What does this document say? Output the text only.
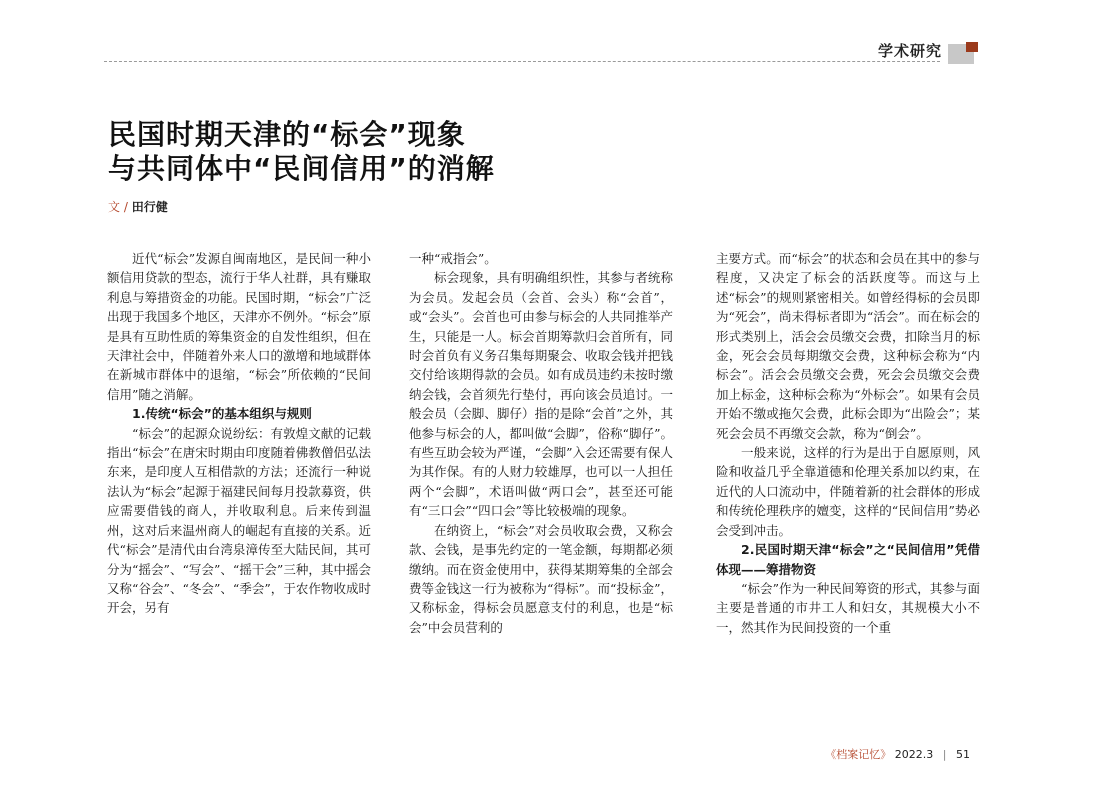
学术研究
民国时期天津的“标会”现象
与共同体中“民间信用”的消解
文 / 田行健

近代“标会”发源自闽南地区，是民间一种小额信用贷款的型态，流行于华人社群，具有赚取利息与筹措资金的功能。民国时期，“标会”广泛出现于我国多个地区，天津亦不例外。“标会”原是具有互助性质的筹集资金的自发性组织，但在天津社会中，伴随着外来人口的激增和地域群体在新城市群体中的退缩，“标会”所依赖的“民间信用”随之消解。

1.传统“标会”的基本组织与规则

“标会”的起源众说纷纭：有敦煌文献的记载指出“标会”在唐宋时期由印度随着佛教僧侣弘法东来，是印度人互相借款的方法；还流行一种说法认为“标会”起源于福建民间每月投款募资，供应需要借钱的商人，并收取利息。后来传到温州，这对后来温州商人的崛起有直接的关系。近代“标会”是清代由台湾泉漳传至大陆民间，其可分为“摇会”、“写会”、“摇干会”三种，其中摇会又称“谷会”、“冬会”、“季会”，于农作物收成时开会，另有

一种“戒指会”。

标会现象，具有明确组织性，其参与者统称为会员。发起会员（会首、会头）称“会首”，或“会头”。会首也可由参与标会的人共同推举产生，只能是一人。标会首期筹款归会首所有，同时会首负有义务召集每期聚会、收取会钱并把钱交付给该期得款的会员。如有成员违约未按时缴纳会钱，会首须先行垫付，再向该会员追讨。一般会员（会脚、脚仔）指的是除“会首”之外，其他参与标会的人，都叫做“会脚”，俗称“脚仔”。有些互助会较为严谨，“会脚”入会还需要有保人为其作保。有的人财力较雄厚，也可以一人担任两个“会脚”，术语叫做“两口会”，甚至还可能有“三口会”“四口会”等比较极端的现象。

在纳资上，“标会”对会员收取会费，又称会款、会钱，是事先约定的一笔金额，每期都必须缴纳。而在资金使用中，获得某期筹集的全部会费等金钱这一行为被称为“得标”。而“投标金”，又称标金，得标会员愿意支付的利息，也是“标会”中会员营利的

主要方式。而“标会”的状态和会员在其中的参与程度，又决定了标会的活跃度等。而这与上述“标会”的规则紧密相关。如曾经得标的会员即为“死会”，尚未得标者即为“活会”。而在标会的形式类别上，活会会员缴交会费，扣除当月的标金，死会会员每期缴交会费，这种标会称为“内标会”。活会会员缴交会费，死会会员缴交会费加上标金，这种标会称为“外标会”。如果有会员开始不缴或拖欠会费，此标会即为“出险会”；某死会会员不再缴交会款，称为“倒会”。

一般来说，这样的行为是出于自愿原则，风险和收益几乎全靠道德和伦理关系加以约束，在近代的人口流动中，伴随着新的社会群体的形成和传统伦理秩序的嬗变，这样的“民间信用”势必会受到冲击。

2.民国时期天津“标会”之“民间信用”凭借体现——筹措物资

“标会”作为一种民间筹资的形式，其参与面主要是普通的市井工人和妇女，其规模大小不一，然其作为民间投资的一个重

《档案记忆》 2022.3 | 51
